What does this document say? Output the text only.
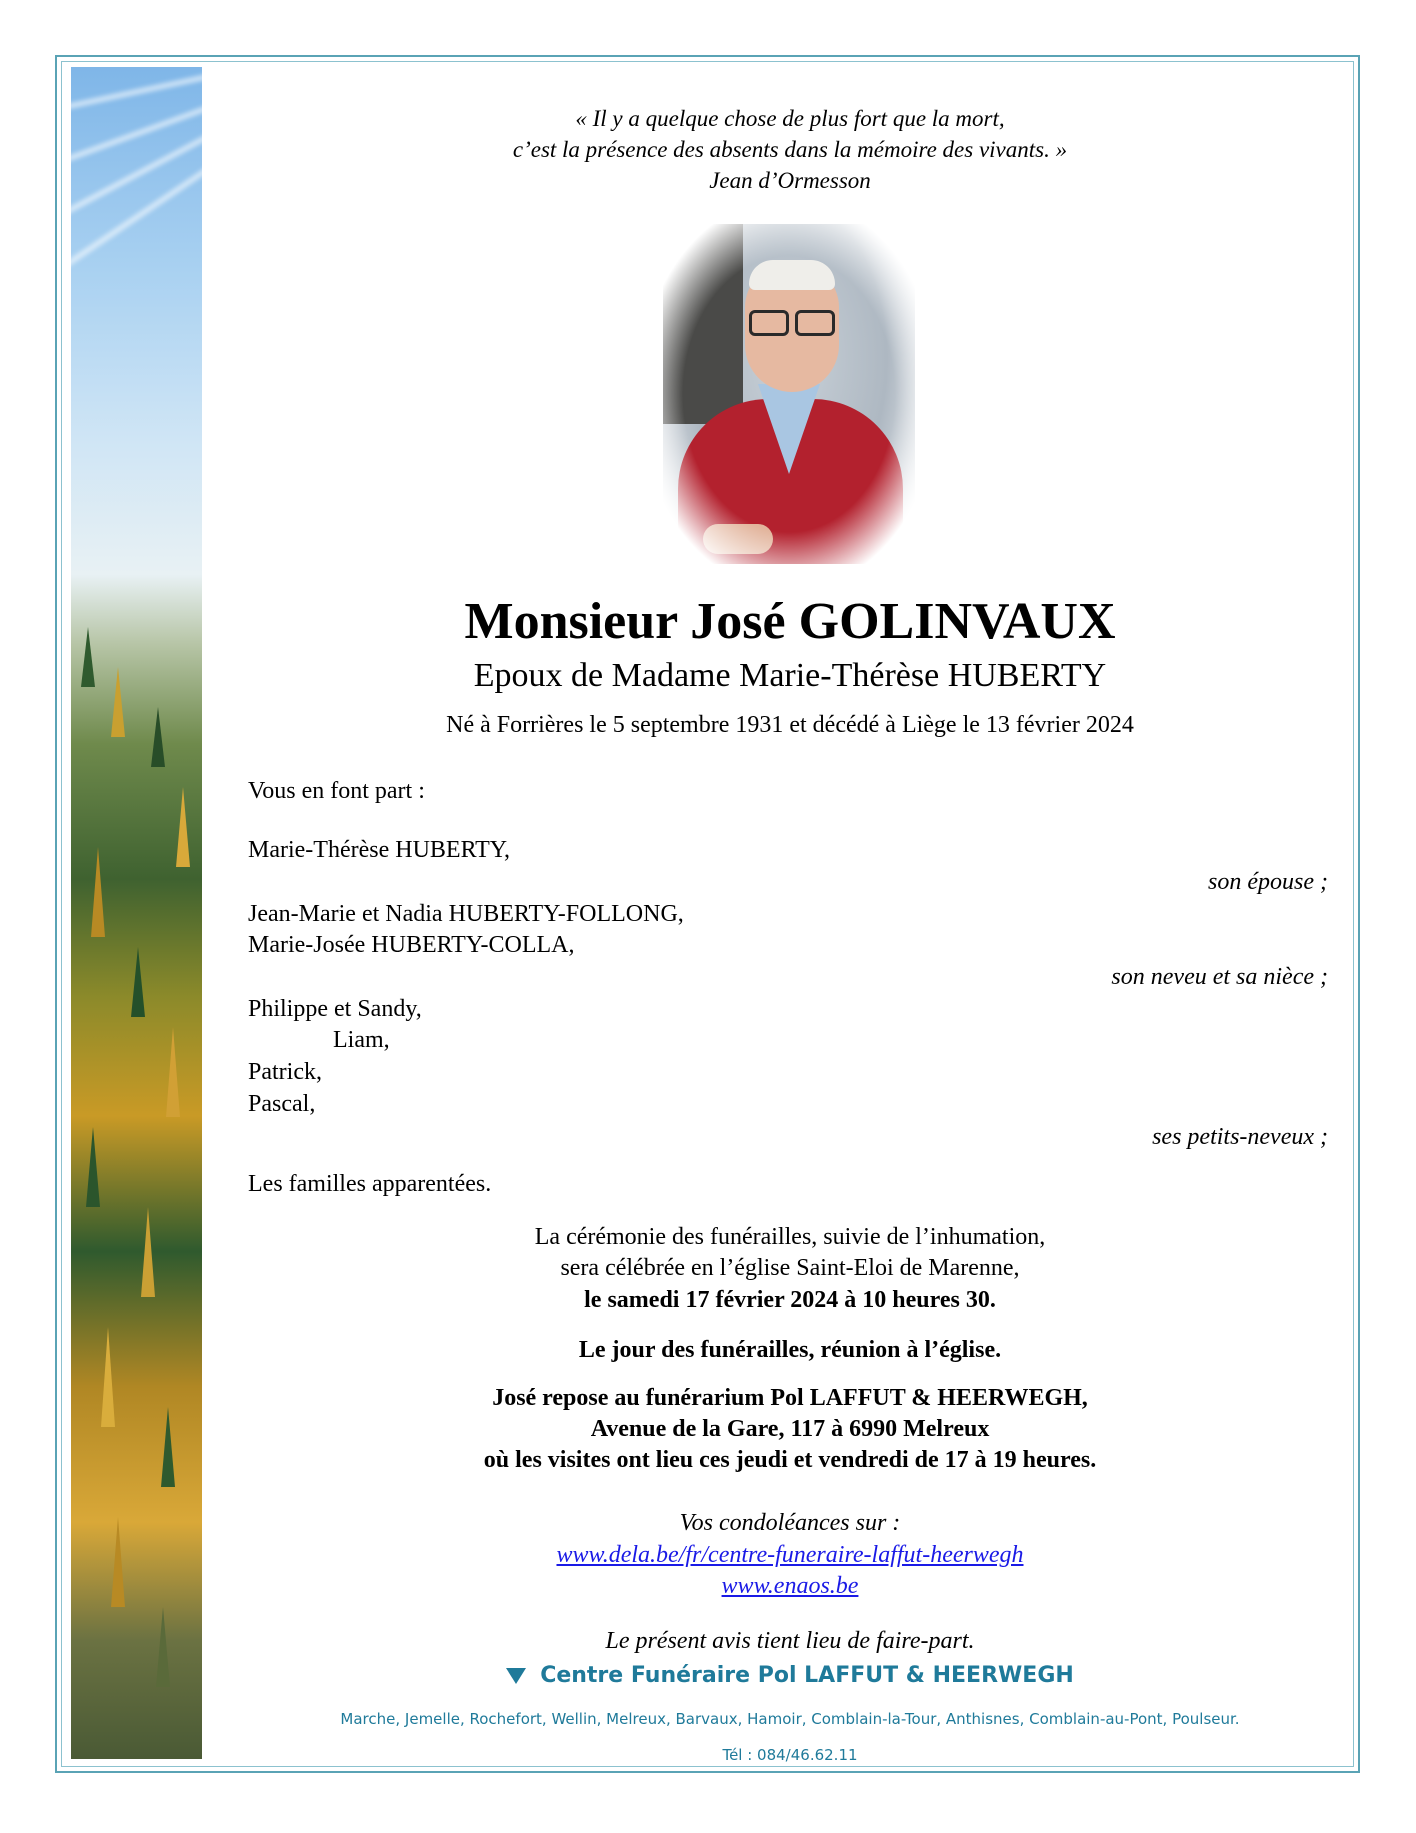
« Il y a quelque chose de plus fort que la mort,
c’est la présence des absents dans la mémoire des vivants. »
Jean d’Ormesson
Monsieur José GOLINVAUX
Epoux de Madame Marie-Thérèse HUBERTY
Né à Forrières le 5 septembre 1931 et décédé à Liège le 13 février 2024
Vous en font part :
Marie-Thérèse HUBERTY,
son épouse ;
Jean-Marie et Nadia HUBERTY-FOLLONG,
Marie-Josée HUBERTY-COLLA,
son neveu et sa nièce ;
Philippe et Sandy,
Liam,
Patrick,
Pascal,
ses petits-neveux ;
Les familles apparentées.
La cérémonie des funérailles, suivie de l’inhumation,
sera célébrée en l’église Saint-Eloi de Marenne,
le samedi 17 février 2024 à 10 heures 30.
Le jour des funérailles, réunion à l’église.
José repose au funérarium Pol LAFFUT & HEERWEGH,
Avenue de la Gare, 117 à 6990 Melreux
où les visites ont lieu ces jeudi et vendredi de 17 à 19 heures.
Vos condoléances sur :
www.dela.be/fr/centre-funeraire-laffut-heerwegh
www.enaos.be
Le présent avis tient lieu de faire-part.
Centre Funéraire Pol LAFFUT & HEERWEGH
Marche, Jemelle, Rochefort, Wellin, Melreux, Barvaux, Hamoir, Comblain-la-Tour, Anthisnes, Comblain-au-Pont, Poulseur.
Tél : 084/46.62.11
